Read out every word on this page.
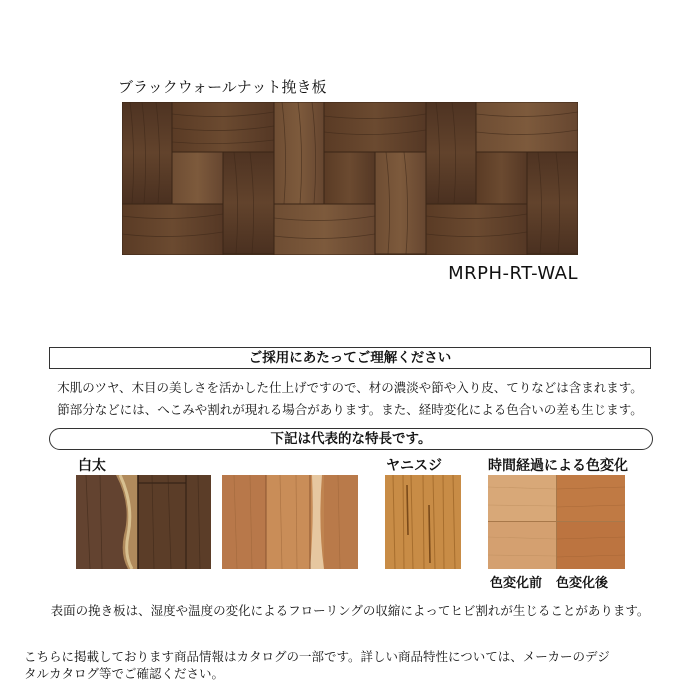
ブラックウォールナット挽き板
MRPH-RT-WAL
ご採用にあたってご理解ください
木肌のツヤ、木目の美しさを活かした仕上げですので、材の濃淡や節や入り皮、てりなどは含まれます。
節部分などには、へこみや割れが現れる場合があります。また、経時変化による色合いの差も生じます。
下記は代表的な特長です。
白太	ヤニスジ	時間経過による色変化
色変化前 色変化後
表面の挽き板は、湿度や温度の変化によるフローリングの収縮によってヒビ割れが生じることがあります。
こちらに掲載しております商品情報はカタログの一部です。詳しい商品特性については、メーカーのデジ
タルカタログ等でご確認ください。
